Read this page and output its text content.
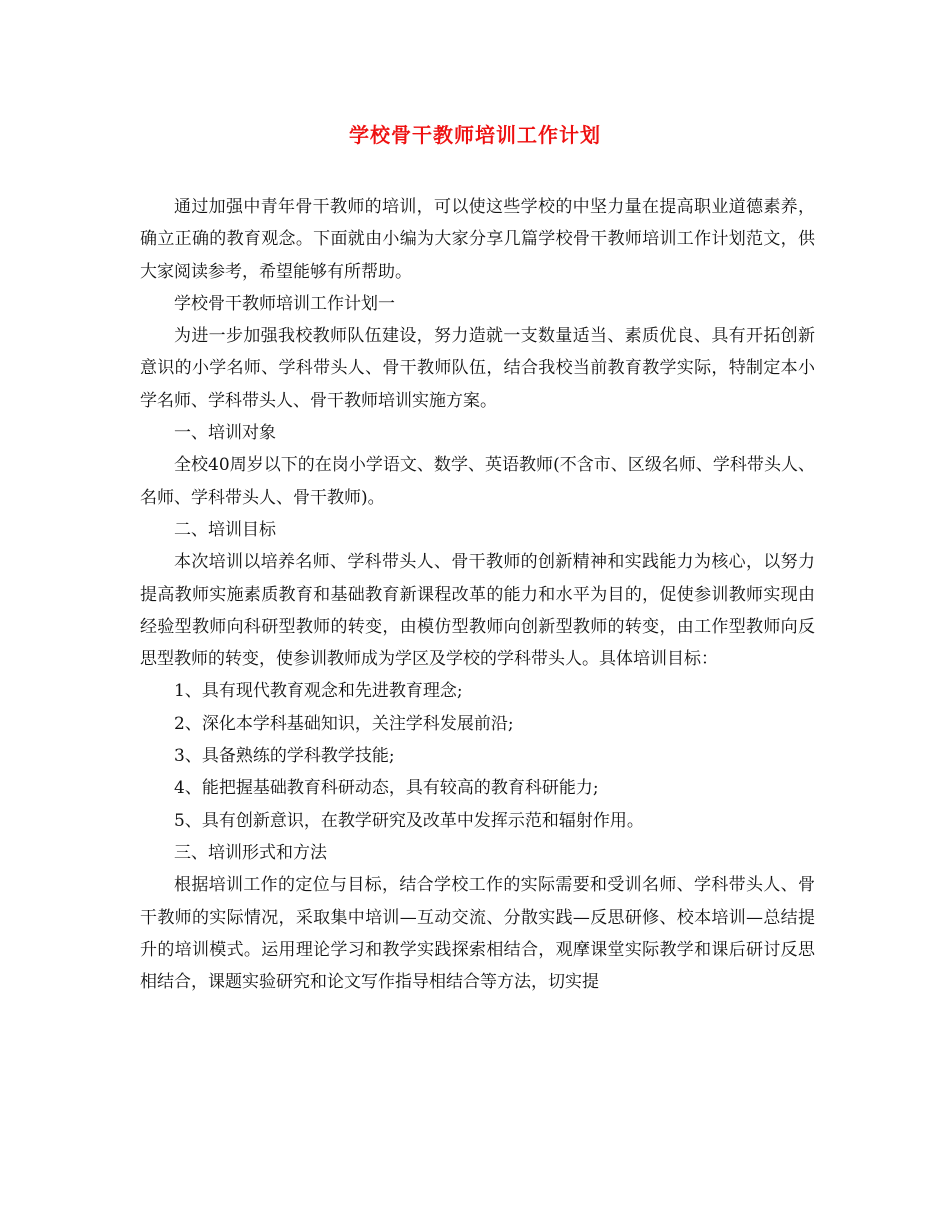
学校骨干教师培训工作计划

通过加强中青年骨干教师的培训，可以使这些学校的中坚力量在提高职业道德素养，确立正确的教育观念。下面就由小编为大家分享几篇学校骨干教师培训工作计划范文，供大家阅读参考，希望能够有所帮助。

学校骨干教师培训工作计划一

为进一步加强我校教师队伍建设，努力造就一支数量适当、素质优良、具有开拓创新意识的小学名师、学科带头人、骨干教师队伍，结合我校当前教育教学实际，特制定本小学名师、学科带头人、骨干教师培训实施方案。

一、培训对象

全校40周岁以下的在岗小学语文、数学、英语教师(不含市、区级名师、学科带头人、名师、学科带头人、骨干教师)。

二、培训目标

本次培训以培养名师、学科带头人、骨干教师的创新精神和实践能力为核心，以努力提高教师实施素质教育和基础教育新课程改革的能力和水平为目的，促使参训教师实现由经验型教师向科研型教师的转变，由模仿型教师向创新型教师的转变，由工作型教师向反思型教师的转变，使参训教师成为学区及学校的学科带头人。具体培训目标：

1、具有现代教育观念和先进教育理念;

2、深化本学科基础知识，关注学科发展前沿;

3、具备熟练的学科教学技能;

4、能把握基础教育科研动态，具有较高的教育科研能力;

5、具有创新意识，在教学研究及改革中发挥示范和辐射作用。

三、培训形式和方法

根据培训工作的定位与目标，结合学校工作的实际需要和受训名师、学科带头人、骨干教师的实际情况，采取集中培训—互动交流、分散实践—反思研修、校本培训—总结提升的培训模式。运用理论学习和教学实践探索相结合，观摩课堂实际教学和课后研讨反思相结合，课题实验研究和论文写作指导相结合等方法，切实提
